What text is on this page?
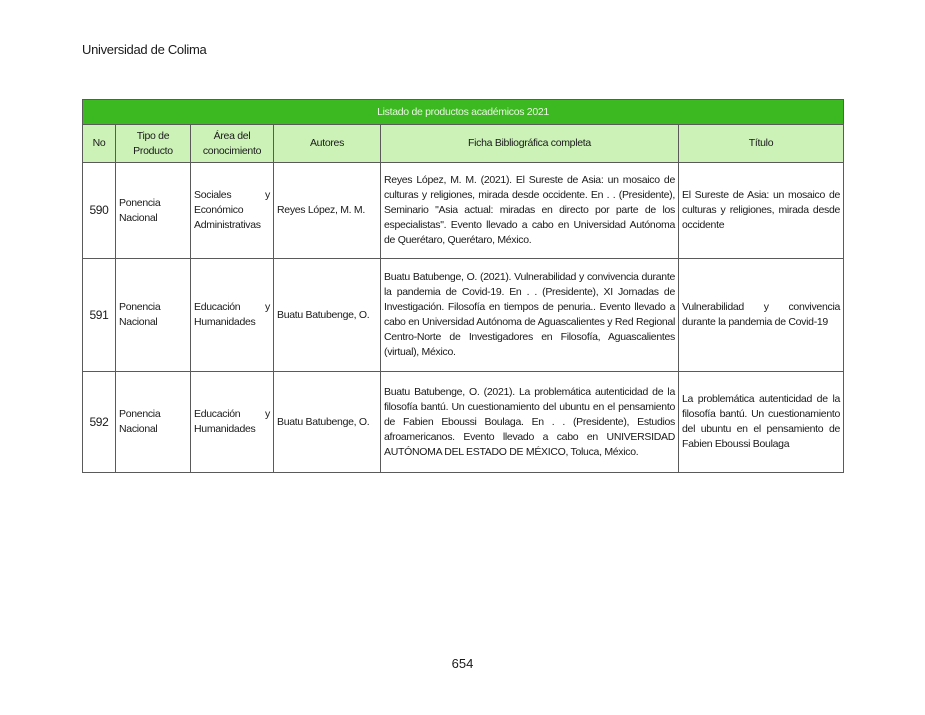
Universidad de Colima
Listado de productos académicos 2021					
No	Tipo de Producto	Área del conocimiento	Autores	Ficha Bibliográfica completa	Título
590	Ponencia Nacional	Sociales y Económico Administrativas	Reyes López, M. M.	Reyes López, M. M. (2021). El Sureste de Asia: un mosaico de culturas y religiones, mirada desde occidente. En . . (Presidente), Seminario "Asia actual: miradas en directo por parte de los especialistas". Evento llevado a cabo en Universidad Autónoma de Querétaro, Querétaro, México.	El Sureste de Asia: un mosaico de culturas y religiones, mirada desde occidente
591	Ponencia Nacional	Educación y Humanidades	Buatu Batubenge, O.	Buatu Batubenge, O. (2021). Vulnerabilidad y convivencia durante la pandemia de Covid-19. En . . (Presidente), XI Jornadas de Investigación. Filosofía en tiempos de penuria.. Evento llevado a cabo en Universidad Autónoma de Aguascalientes y Red Regional Centro-Norte de Investigadores en Filosofía, Aguascalientes (virtual), México.	Vulnerabilidad y convivencia durante la pandemia de Covid-19
592	Ponencia Nacional	Educación y Humanidades	Buatu Batubenge, O.	Buatu Batubenge, O. (2021). La problemática autenticidad de la filosofía bantú. Un cuestionamiento del ubuntu en el pensamiento de Fabien Eboussi Boulaga. En . . (Presidente), Estudios afroamericanos. Evento llevado a cabo en UNIVERSIDAD AUTÓNOMA DEL ESTADO DE MÉXICO, Toluca, México.	La problemática autenticidad de la filosofía bantú. Un cuestionamiento del ubuntu en el pensamiento de Fabien Eboussi Boulaga
654
